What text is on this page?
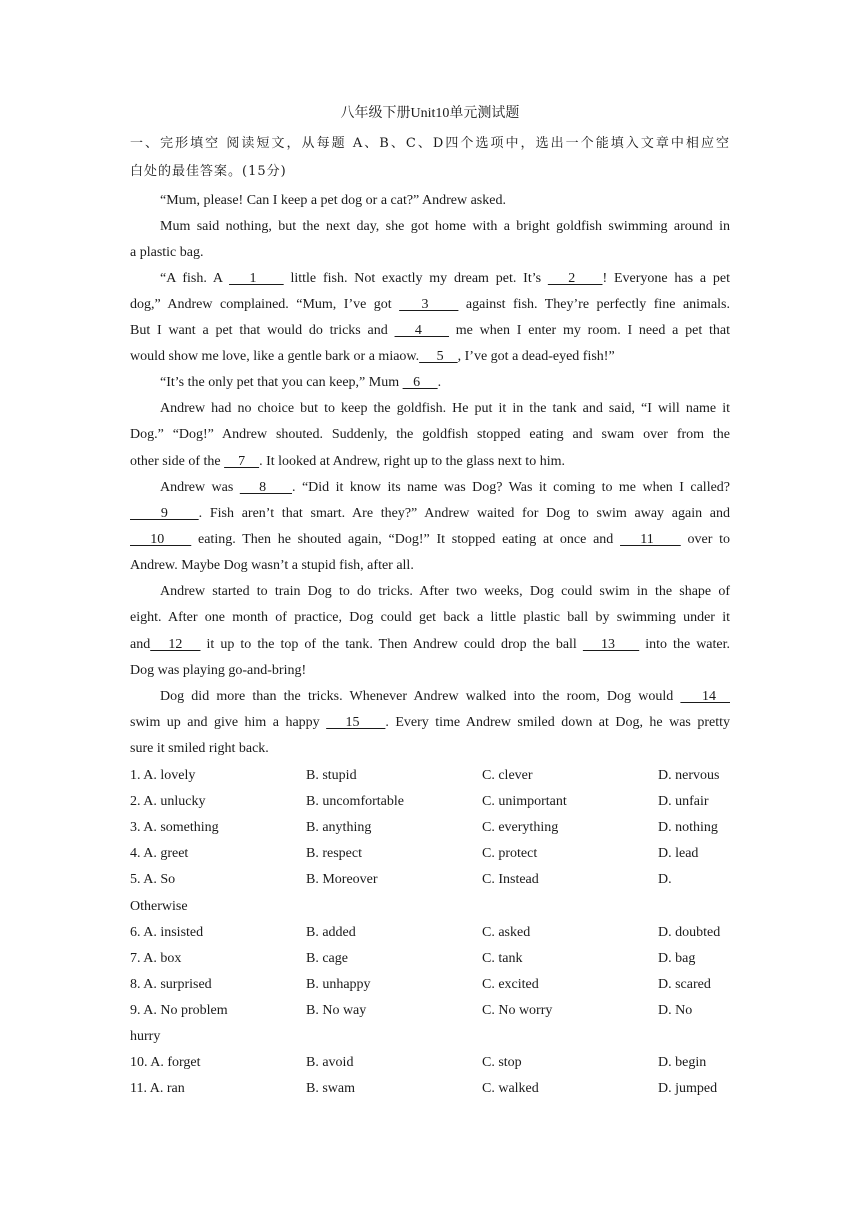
八年级下册Unit10单元测试题
一、完形填空 阅读短文，从每题 A、B、C、D四个选项中，选出一个能填入文章中相应空
白处的最佳答案。(15分)
“Mum, please! Can I keep a pet dog or a cat?” Andrew asked.
Mum said nothing, but the next day, she got home with a bright goldfish swimming around in
a plastic bag.
“A fish. A    1     little fish. Not exactly my dream pet. It’s    2    ! Everyone has a pet
dog,” Andrew complained. “Mum, I’ve got    3     against fish. They’re perfectly fine animals.
But I want a pet that would do tricks and    4     me when I enter my room. I need a pet that
would show me love, like a gentle bark or a miaow.     5    , I’ve got a dead-eyed fish!”
“It’s the only pet that you can keep,” Mum    6     .
Andrew had no choice but to keep the goldfish. He put it in the tank and said, “I will name it
Dog.” “Dog!” Andrew shouted. Suddenly, the goldfish stopped eating and swam over from the
other side of the     7    . It looked at Andrew, right up to the glass next to him.
Andrew was    8    . “Did it know its name was Dog? Was it coming to me when I called?
9    . Fish aren’t that smart. Are they?” Andrew waited for Dog to swim away again and
10     eating. Then he shouted again, “Dog!” It stopped eating at once and    11     over to
Andrew. Maybe Dog wasn’t a stupid fish, after all.
Andrew started to train Dog to do tricks. After two weeks, Dog could swim in the shape of
eight. After one month of practice, Dog could get back a little plastic ball by swimming under it
and   12    it up to the top of the tank. Then Andrew could drop the ball    13     into the water.
Dog was playing go-and-bring!
Dog did more than the tricks. Whenever Andrew walked into the room, Dog would    14
swim up and give him a happy    15    . Every time Andrew smiled down at Dog, he was pretty
sure it smiled right back.
1. A. lovely	B. stupid	C. clever	D. nervous
2. A. unlucky	B. uncomfortable	C. unimportant	D. unfair
3. A. something	B. anything	C. everything	D. nothing
4. A. greet	B. respect	C. protect	D. lead
5. A. So	B. Moreover	C. Instead	D.
Otherwise
6. A. insisted	B. added	C. asked	D. doubted
7. A. box	B. cage	C. tank	D. bag
8. A. surprised	B. unhappy	C. excited	D. scared
9. A. No problem	B. No way	C. No worry	D. No
hurry
10. A. forget	B. avoid	C. stop	D. begin
11. A. ran	B. swam	C. walked	D. jumped
